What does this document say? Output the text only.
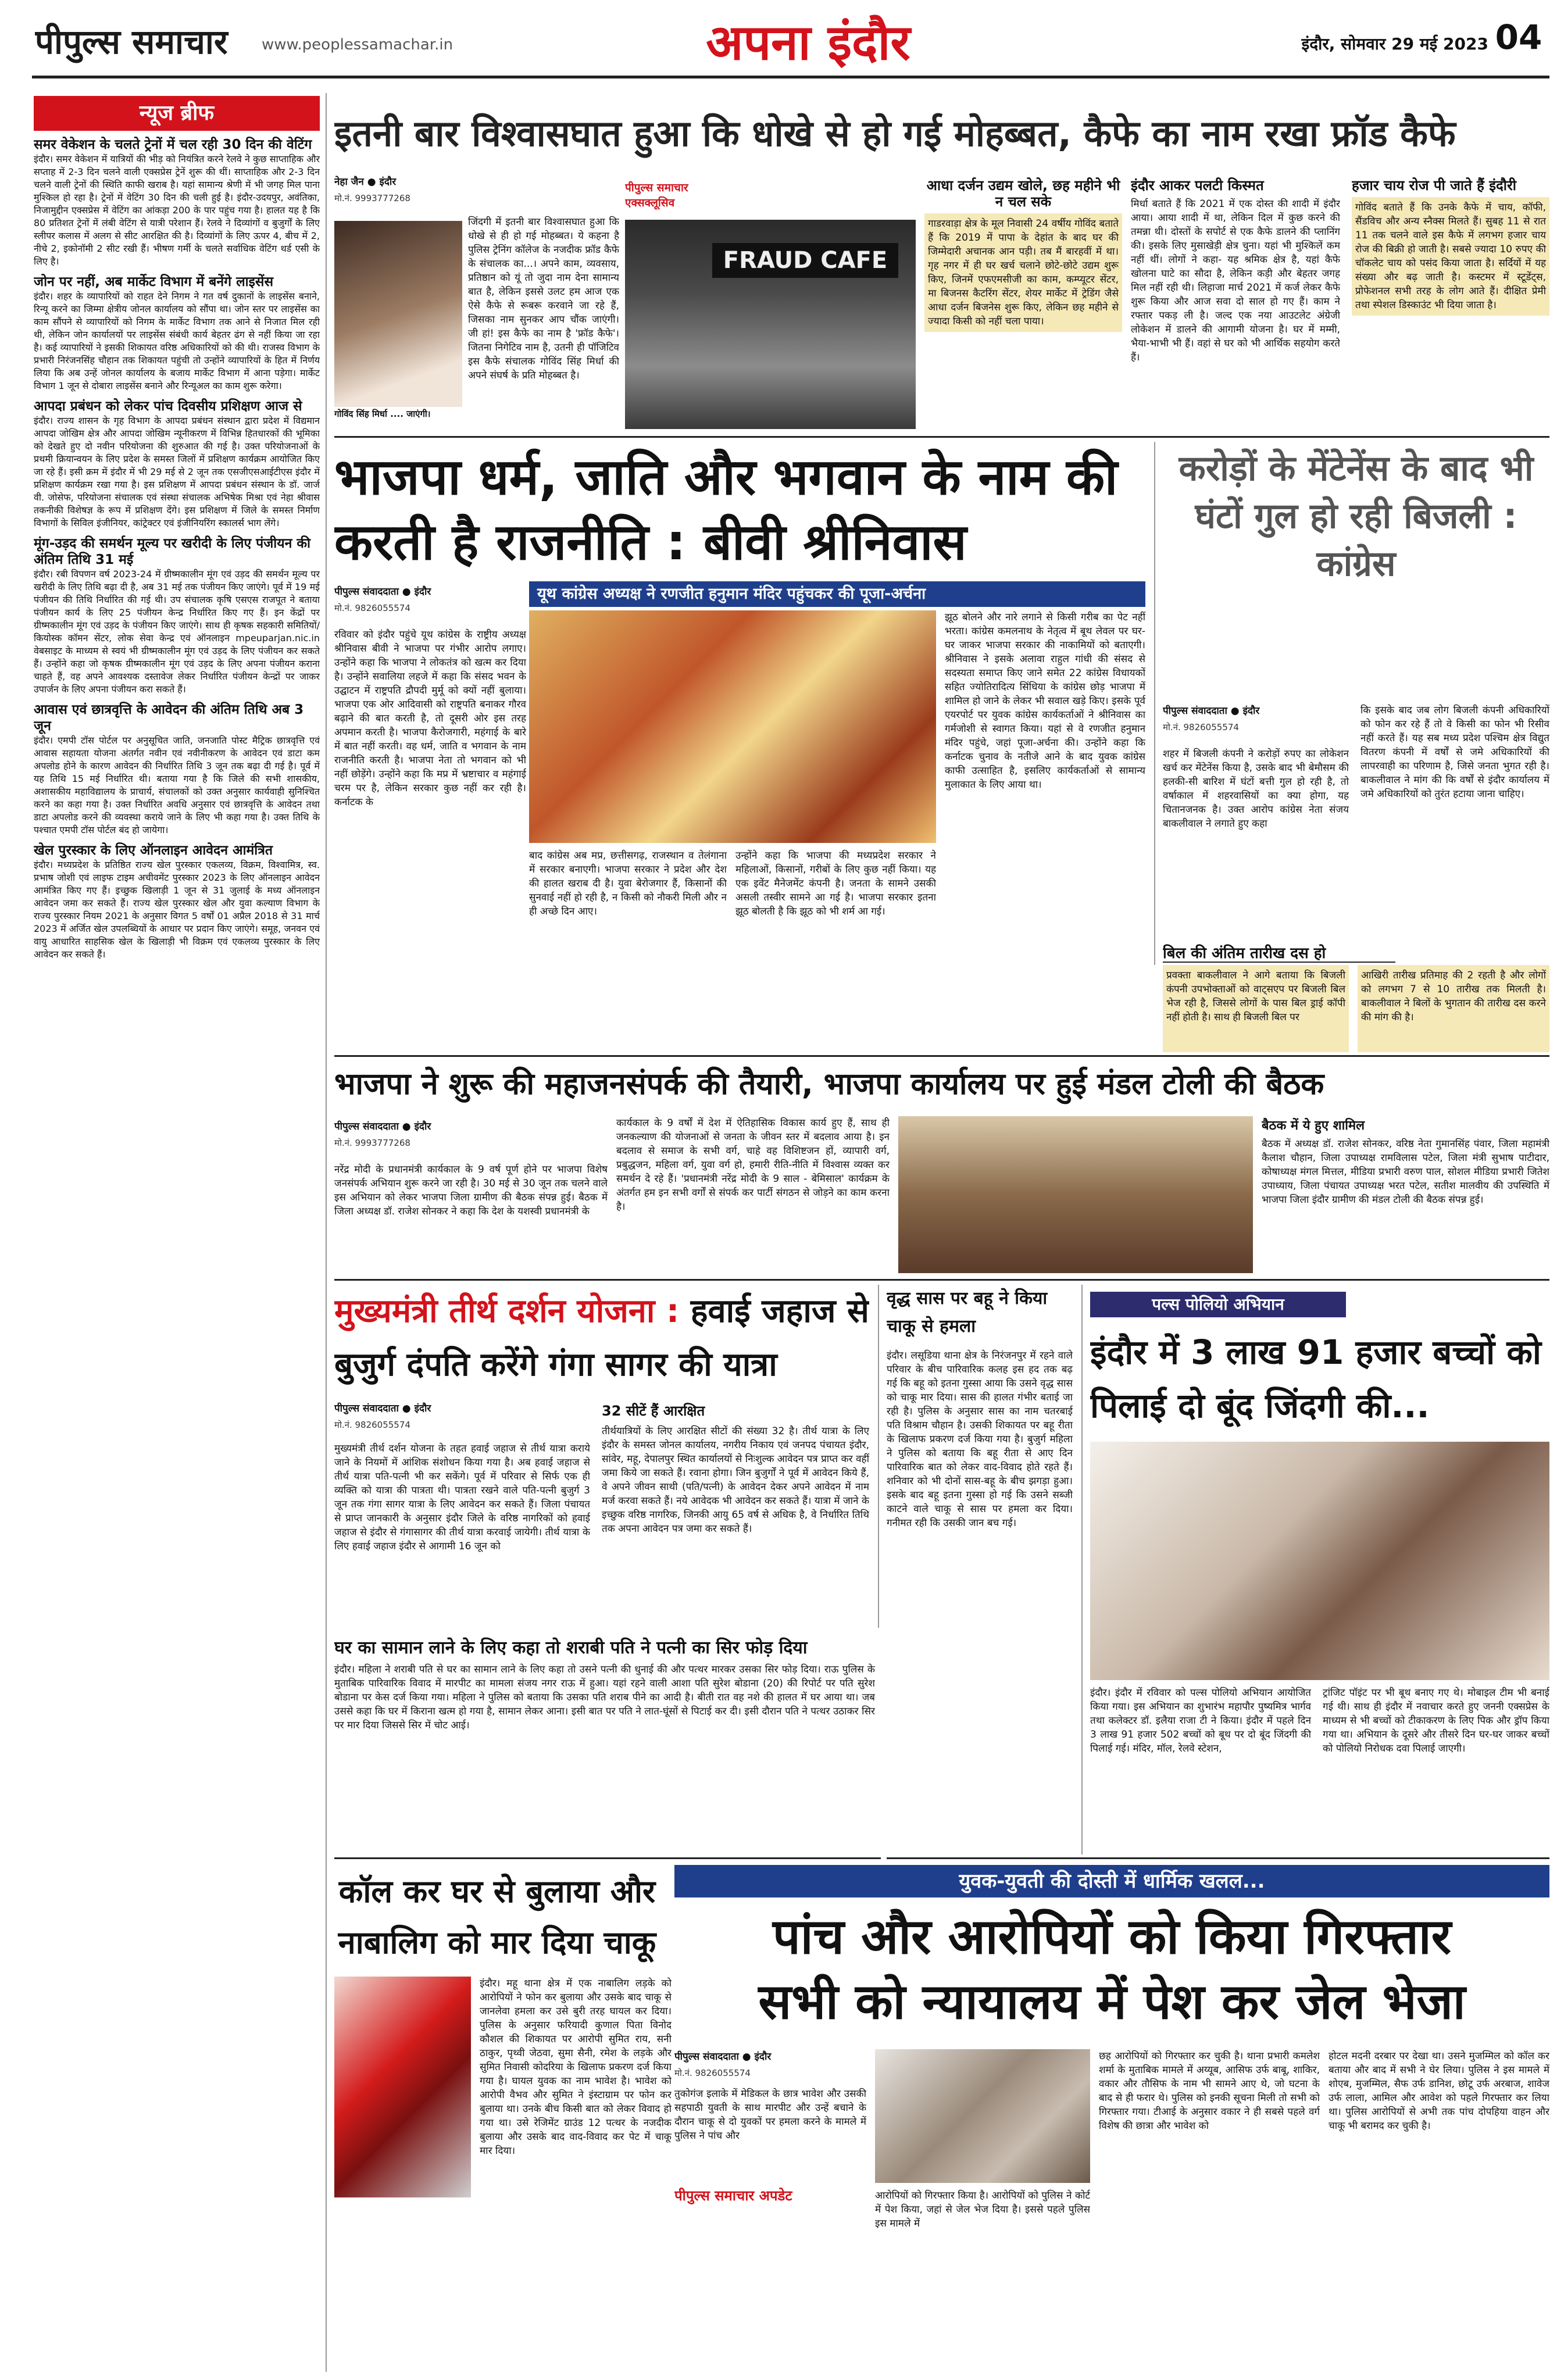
पीपुल्स समाचार	www.peoplessamachar.in	अपना इंदौर	इंदौर, सोमवार 29 मई 2023 04
न्यूज ब्रीफ
समर वेकेशन के चलते ट्रेनों में चल रही 30 दिन की वेटिंग
इंदौर। समर वेकेशन में यात्रियों की भीड़ को नियंत्रित करने रेलवे ने कुछ साप्ताहिक और सप्ताह में 2-3 दिन चलने वाली एक्सप्रेस ट्रेनें शुरू की थीं। साप्ताहिक और 2-3 दिन चलने वाली ट्रेनों की स्थिति काफी खराब है। यहां सामान्य श्रेणी में भी जगह मिल पाना मुश्किल हो रहा है। ट्रेनों में वेटिंग 30 दिन की चली हुई है। इंदौर-उदयपुर, अवंतिका, निजामुद्दीन एक्सप्रेस में वेटिंग का आंकड़ा 200 के पार पहुंच गया है। हालत यह है कि 80 प्रतिशत ट्रेनों में लंबी वेटिंग से यात्री परेशान हैं। रेलवे ने दिव्यांगों व बुजुर्गों के लिए स्लीपर कलास में अलग से सीट आरक्षित की है। दिव्यांगों के लिए ऊपर 4, बीच में 2, नीचे 2, इकोनॉमी 2 सीट रखी हैं। भीषण गर्मी के चलते सर्वाधिक वेटिंग थर्ड एसी के लिए है।
जोन पर नहीं, अब मार्केट विभाग में बनेंगे लाइसेंस
इंदौर। शहर के व्यापारियों को राहत देने निगम ने गत वर्ष दुकानों के लाइसेंस बनाने, रिन्यू करने का जिम्मा क्षेत्रीय जोनल कार्यालय को सौंपा था। जोन स्तर पर लाइसेंस का काम सौंपने से व्यापारियों को निगम के मार्केट विभाग तक आने से निजात मिल रही थी, लेकिन जोन कार्यालयों पर लाइसेंस संबंधी कार्य बेहतर ढंग से नहीं किया जा रहा है। कई व्यापारियों ने इसकी शिकायत वरिष्ठ अधिकारियों को की थी। राजस्व विभाग के प्रभारी निरंजनसिंह चौहान तक शिकायत पहुंची तो उन्होंने व्यापारियों के हित में निर्णय लिया कि अब उन्हें जोनल कार्यालय के बजाय मार्केट विभाग में आना पड़ेगा। मार्केट विभाग 1 जून से दोबारा लाइसेंस बनाने और रिन्यूअल का काम शुरू करेगा।
आपदा प्रबंधन को लेकर पांच दिवसीय प्रशिक्षण आज से
इंदौर। राज्य शासन के गृह विभाग के आपदा प्रबंधन संस्थान द्वारा प्रदेश में विद्यमान आपदा जोखिम क्षेत्र और आपदा जोखिम न्यूनीकरण में विभिन्न हितधारकों की भूमिका को देखते हुए दो नवीन परियोजना की शुरुआत की गई है। उक्त परियोजनाओं के प्रथमी क्रियान्वयन के लिए प्रदेश के समस्त जिलों में प्रशिक्षण कार्यक्रम आयोजित किए जा रहे हैं। इसी क्रम में इंदौर में भी 29 मई से 2 जून तक एसजीएसआईटीएस इंदौर में प्रशिक्षण कार्यक्रम रखा गया है। इस प्रशिक्षण में आपदा प्रबंधन संस्थान के डॉ. जार्ज वी. जोसेफ, परियोजना संचालक एवं संस्था संचालक अभिषेक मिश्रा एवं नेहा श्रीवास तकनीकी विशेषज्ञ के रूप में प्रशिक्षण देंगे। इस प्रशिक्षण में जिले के समस्त निर्माण विभागों के सिविल इंजीनियर, कांट्रेक्टर एवं इंजीनियरिंग स्कालर्स भाग लेंगे।
मूंग-उड़द की समर्थन मूल्य पर खरीदी के लिए पंजीयन की अंतिम तिथि 31 मई
इंदौर। रबी विपणन वर्ष 2023-24 में ग्रीष्मकालीन मूंग एवं उड़द की समर्थन मूल्य पर खरीदी के लिए तिथि बढ़ा दी है, अब 31 मई तक पंजीयन किए जाएंगे। पूर्व में 19 मई पंजीयन की तिथि निर्धारित की गई थी। उप संचालक कृषि एसएस राजपूत ने बताया पंजीयन कार्य के लिए 25 पंजीयन केन्द्र निर्धारित किए गए हैं। इन केंद्रों पर ग्रीष्मकालीन मूंग एवं उड़द के पंजीयन किए जाएंगे। साथ ही कृषक सहकारी समितियों/कियोस्क कॉमन सेंटर, लोक सेवा केन्द्र एवं ऑनलाइन mpeuparjan.nic.in वेबसाइट के माध्यम से स्वयं भी ग्रीष्मकालीन मूंग एवं उड़द के लिए पंजीयन कर सकते हैं। उन्होंने कहा जो कृषक ग्रीष्मकालीन मूंग एवं उड़द के लिए अपना पंजीयन कराना चाहते हैं, वह अपने आवश्यक दस्तावेज लेकर निर्धारित पंजीयन केन्द्रों पर जाकर उपार्जन के लिए अपना पंजीयन करा सकते हैं।
आवास एवं छात्रवृत्ति के आवेदन की अंतिम तिथि अब 3 जून
इंदौर। एमपी टॉस पोर्टल पर अनुसूचित जाति, जनजाति पोस्ट मैट्रिक छात्रवृत्ति एवं आवास सहायता योजना अंतर्गत नवीन एवं नवीनीकरण के आवेदन एवं डाटा कम अपलोड होने के कारण आवेदन की निर्धारित तिथि 3 जून तक बढ़ा दी गई है। पूर्व में यह तिथि 15 मई निर्धारित थी। बताया गया है कि जिले की सभी शासकीय, अशासकीय महाविद्यालय के प्राचार्य, संचालकों को उक्त अनुसार कार्यवाही सुनिश्चित करने का कहा गया है। उक्त निर्धारित अवधि अनुसार एवं छात्रवृत्ति के आवेदन तथा डाटा अपलोड करने की व्यवस्था कराये जाने के लिए भी कहा गया है। उक्त तिथि के पश्चात एमपी टॉस पोर्टल बंद हो जायेगा।
खेल पुरस्कार के लिए ऑनलाइन आवेदन आमंत्रित
इंदौर। मध्यप्रदेश के प्रतिष्ठित राज्य खेल पुरस्कार एकलव्य, विक्रम, विश्वामित्र, स्व. प्रभाष जोशी एवं लाइफ टाइम अचीवमेंट पुरस्कार 2023 के लिए ऑनलाइन आवेदन आमंत्रित किए गए हैं। इच्छुक खिलाड़ी 1 जून से 31 जुलाई के मध्य ऑनलाइन आवेदन जमा कर सकते हैं। राज्य खेल पुरस्कार खेल और युवा कल्याण विभाग के राज्य पुरस्कार नियम 2021 के अनुसार विगत 5 वर्षों 01 अप्रैल 2018 से 31 मार्च 2023 में अर्जित खेल उपलब्धियों के आधार पर प्रदान किए जाएंगे। समूह, जनवन एवं वायु आधारित साहसिक खेल के खिलाड़ी भी विक्रम एवं एकलव्य पुरस्कार के लिए आवेदन कर सकते हैं।
इतनी बार विश्वासघात हुआ कि धोखे से हो गई मोहब्बत, कैफे का नाम रखा फ्रॉड कैफे
नेहा जैन ● इंदौर
मो.नं. 9993777268
गोविंद सिंह मिर्धा .... जाएंगी।
जिंदगी में इतनी बार विश्वासघात हुआ कि धोखे से ही हो गई मोहब्बत। ये कहना है पुलिस ट्रेनिंग कॉलेज के नजदीक फ्रॉड कैफे के संचालक का...। अपने काम, व्यवसाय, प्रतिष्ठान को यूं तो जुदा नाम देना सामान्य बात है, लेकिन इससे उलट हम आज एक ऐसे कैफे से रूबरू करवाने जा रहे हैं, जिसका नाम सुनकर आप चौंक जाएंगी। जी हां! इस कैफे का नाम है 'फ्रॉड कैफे'। जितना निगेटिव नाम है, उतनी ही पॉजिटिव इस कैफे संचालक गोविंद सिंह मिर्धा की अपने संघर्ष के प्रति मोहब्बत है।
पीपुल्स समाचार एक्सक्लूसिव
FRAUD CAFE
आधा दर्जन उद्यम खोले, छह महीने भी न चल सके
गाडरवाड़ा क्षेत्र के मूल निवासी 24 वर्षीय गोविंद बताते हैं कि 2019 में पापा के देहांत के बाद घर की जिम्मेदारी अचानक आन पड़ी। तब मैं बारहवीं में था। गृह नगर में ही घर खर्च चलाने छोटे-छोटे उद्यम शुरू किए, जिनमें एफएमसीजी का काम, कम्प्यूटर सेंटर, मा बिजनस कैटरिंग सेंटर, शेयर मार्केट में ट्रेडिंग जैसे आधा दर्जन बिजनेस शुरू किए, लेकिन छह महीने से ज्यादा किसी को नहीं चला पाया।
इंदौर आकर पलटी किस्मत
मिर्धा बताते हैं कि 2021 में एक दोस्त की शादी में इंदौर आया। आया शादी में था, लेकिन दिल में कुछ करने की तमन्ना थी। दोस्तों के सपोर्ट से एक कैफे डालने की प्लानिंग की। इसके लिए मुसाखेड़ी क्षेत्र चुना। यहां भी मुश्किलें कम नहीं थीं। लोगों ने कहा- यह श्रमिक क्षेत्र है, यहां कैफे खोलना घाटे का सौदा है, लेकिन कड़ी और बेहतर जगह मिल नहीं रही थी। लिहाजा मार्च 2021 में कर्ज लेकर कैफे शुरू किया और आज सवा दो साल हो गए हैं। काम ने रफ्तार पकड़ ली है। जल्द एक नया आउटलेट अंग्रेजी लोकेशन में डालने की आगामी योजना है। घर में मम्मी, भैया-भाभी भी हैं। वहां से घर को भी आर्थिक सहयोग करते हैं।
हजार चाय रोज पी जाते हैं इंदौरी
गोविंद बताते हैं कि उनके कैफे में चाय, कॉफी, सैंडविच और अन्य स्नैक्स मिलते हैं। सुबह 11 से रात 11 तक चलने वाले इस कैफे में लगभग हजार चाय रोज की बिक्री हो जाती है। सबसे ज्यादा 10 रुपए की चॉकलेट चाय को पसंद किया जाता है। सर्दियों में यह संख्या और बढ़ जाती है। कस्टमर में स्टूडेंट्स, प्रोफेशनल सभी तरह के लोग आते हैं। दीक्षित प्रेमी तथा स्पेशल डिस्काउंट भी दिया जाता है।
भाजपा धर्म, जाति और भगवान के नाम की करती है राजनीति : बीवी श्रीनिवास
पीपुल्स संवाददाता ● इंदौर
मो.नं. 9826055574
यूथ कांग्रेस अध्यक्ष ने रणजीत हनुमान मंदिर पहुंचकर की पूजा-अर्चना
रविवार को इंदौर पहुंचे यूथ कांग्रेस के राष्ट्रीय अध्यक्ष श्रीनिवास बीवी ने भाजपा पर गंभीर आरोप लगाए। उन्होंने कहा कि भाजपा ने लोकतंत्र को खत्म कर दिया है। उन्होंने सवालिया लहजे में कहा कि संसद भवन के उद्घाटन में राष्ट्रपति द्रौपदी मुर्मू को क्यों नहीं बुलाया। भाजपा एक ओर आदिवासी को राष्ट्रपति बनाकर गौरव बढ़ाने की बात करती है, तो दूसरी ओर इस तरह अपमान करती है। भाजपा कैरोजगारी, महंगाई के बारे में बात नहीं करती। वह धर्म, जाति व भगवान के नाम राजनीति करती है। भाजपा नेता तो भगवान को भी नहीं छोड़ेंगे। उन्होंने कहा कि मप्र में भ्रष्टाचार व महंगाई चरम पर है, लेकिन सरकार कुछ नहीं कर रही है। कर्नाटक के
बाद कांग्रेस अब मप्र, छत्तीसगढ़, राजस्थान व तेलंगाना में सरकार बनाएगी। भाजपा सरकार ने प्रदेश और देश की हालत खराब दी है। युवा बेरोजगार हैं, किसानों की सुनवाई नहीं हो रही है, न किसी को नौकरी मिली और न ही अच्छे दिन आए।
उन्होंने कहा कि भाजपा की मध्यप्रदेश सरकार ने महिलाओं, किसानों, गरीबों के लिए कुछ नहीं किया। यह एक इवेंट मैनेजमेंट कंपनी है। जनता के सामने उसकी असली तस्वीर सामने आ गई है। भाजपा सरकार इतना झूठ बोलती है कि झूठ को भी शर्म आ गई।
झूठ बोलने और नारे लगाने से किसी गरीब का पेट नहीं भरता। कांग्रेस कमलनाथ के नेतृत्व में बूथ लेवल पर घर-घर जाकर भाजपा सरकार की नाकामियों को बताएगी। श्रीनिवास ने इसके अलावा राहुल गांधी की संसद से सदस्यता समाप्त किए जाने समेत 22 कांग्रेस विधायकों सहित ज्योतिरादित्य सिंधिया के कांग्रेस छोड़ भाजपा में शामिल हो जाने के लेकर भी सवाल खड़े किए। इसके पूर्व एयरपोर्ट पर युवक कांग्रेस कार्यकर्ताओं ने श्रीनिवास का गर्मजोशी से स्वागत किया। यहां से वे रणजीत हनुमान मंदिर पहुंचे, जहां पूजा-अर्चना की। उन्होंने कहा कि कर्नाटक चुनाव के नतीजे आने के बाद युवक कांग्रेस काफी उत्साहित है, इसलिए कार्यकर्ताओं से सामान्य मुलाकात के लिए आया था।
करोड़ों के मेंटेनेंस के बाद भी घंटों गुल हो रही बिजली : कांग्रेस
पीपुल्स संवाददाता ● इंदौर
मो.नं. 9826055574
शहर में बिजली कंपनी ने करोड़ों रुपए का लोकेशन खर्च कर मेंटेनेंस किया है, उसके बाद भी बेमौसम की हलकी-सी बारिश में घंटों बत्ती गुल हो रही है, तो वर्षाकाल में शहरवासियों का क्या होगा, यह चितानजनक है। उक्त आरोप कांग्रेस नेता संजय बाकलीवाल ने लगाते हुए कहा
कि इसके बाद जब लोग बिजली कंपनी अधिकारियों को फोन कर रहे हैं तो वे किसी का फोन भी रिसीव नहीं करते हैं। यह सब मध्य प्रदेश पश्चिम क्षेत्र विद्युत वितरण कंपनी में वर्षों से जमे अधिकारियों की लापरवाही का परिणाम है, जिसे जनता भुगत रही है। बाकलीवाल ने मांग की कि वर्षों से इंदौर कार्यालय में जमे अधिकारियों को तुरंत हटाया जाना चाहिए।
बिल की अंतिम तारीख दस हो
प्रवक्ता बाकलीवाल ने आगे बताया कि बिजली कंपनी उपभोक्ताओं को वाट्सएप पर बिजली बिल भेज रही है, जिससे लोगों के पास बिल ड्राई कॉपी नहीं होती है। साथ ही बिजली बिल पर
आखिरी तारीख प्रतिमाह की 2 रहती है और लोगों को लगभग 7 से 10 तारीख तक मिलती है। बाकलीवाल ने बिलों के भुगतान की तारीख दस करने की मांग की है।
भाजपा ने शुरू की महाजनसंपर्क की तैयारी, भाजपा कार्यालय पर हुई मंडल टोली की बैठक
पीपुल्स संवाददाता ● इंदौर
मो.नं. 9993777268
नरेंद्र मोदी के प्रधानमंत्री कार्यकाल के 9 वर्ष पूर्ण होने पर भाजपा विशेष जनसंपर्क अभियान शुरू करने जा रही है। 30 मई से 30 जून तक चलने वाले इस अभियान को लेकर भाजपा जिला ग्रामीण की बैठक संपन्न हुई। बैठक में जिला अध्यक्ष डॉ. राजेश सोनकर ने कहा कि देश के यशस्वी प्रधानमंत्री के
कार्यकाल के 9 वर्षों में देश में ऐतिहासिक विकास कार्य हुए हैं, साथ ही जनकल्याण की योजनाओं से जनता के जीवन स्तर में बदलाव आया है। इन बदलाव से समाज के सभी वर्ग, चाहे वह विशिष्टजन हों, व्यापारी वर्ग, प्रबुद्धजन, महिला वर्ग, युवा वर्ग हो, हमारी रीति-नीति में विश्वास व्यक्त कर समर्थन दे रहे हैं। 'प्रधानमंत्री नरेंद्र मोदी के 9 साल - बेमिसाल' कार्यक्रम के अंतर्गत हम इन सभी वर्गों से संपर्क कर पार्टी संगठन से जोड़ने का काम करना है।
बैठक में ये हुए शामिल
बैठक में अध्यक्ष डॉ. राजेश सोनकर, वरिष्ठ नेता गुमानसिंह पंवार, जिला महामंत्री कैलाश चौहान, जिला उपाध्यक्ष रामविलास पटेल, जिला मंत्री सुभाष पाटीदार, कोषाध्यक्ष मंगल मित्तल, मीडिया प्रभारी वरुण पाल, सोशल मीडिया प्रभारी जितेश उपाध्याय, जिला पंचायत उपाध्यक्ष भरत पटेल, सतीश मालवीय की उपस्थिति में भाजपा जिला इंदौर ग्रामीण की मंडल टोली की बैठक संपन्न हुई।
मुख्यमंत्री तीर्थ दर्शन योजना : हवाई जहाज से बुजुर्ग दंपति करेंगे गंगा सागर की यात्रा
पीपुल्स संवाददाता ● इंदौर
मो.नं. 9826055574
32 सीटें हैं आरक्षित
मुख्यमंत्री तीर्थ दर्शन योजना के तहत हवाई जहाज से तीर्थ यात्रा कराये जाने के नियमों में आंशिक संशोधन किया गया है। अब हवाई जहाज से तीर्थ यात्रा पति-पत्नी भी कर सकेंगे। पूर्व में परिवार से सिर्फ एक ही व्यक्ति को यात्रा की पात्रता थी। पात्रता रखने वाले पति-पत्नी बुजुर्ग 3 जून तक गंगा सागर यात्रा के लिए आवेदन कर सकते हैं। जिला पंचायत से प्राप्त जानकारी के अनुसार इंदौर जिले के वरिष्ठ नागरिकों को हवाई जहाज से इंदौर से गंगासागर की तीर्थ यात्रा करवाई जायेगी। तीर्थ यात्रा के लिए हवाई जहाज इंदौर से आगामी 16 जून को
तीर्थयात्रियों के लिए आरक्षित सीटों की संख्या 32 है। तीर्थ यात्रा के लिए इंदौर के समस्त जोनल कार्यालय, नगरीय निकाय एवं जनपद पंचायत इंदौर, सांवेर, महू, देपालपुर स्थित कार्यालयों से निःशुल्क आवेदन पत्र प्राप्त कर वहीं जमा किये जा सकते हैं। रवाना होगा। जिन बुजुर्गों ने पूर्व में आवेदन किये हैं, वे अपने जीवन साथी (पति/पत्नी) के आवेदन देकर अपने आवेदन में नाम मर्ज करवा सकते हैं। नये आवेदक भी आवेदन कर सकते हैं। यात्रा में जाने के इच्छुक वरिष्ठ नागरिक, जिनकी आयु 65 वर्ष से अधिक है, वे निर्धारित तिथि तक अपना आवेदन पत्र जमा कर सकते हैं।
वृद्ध सास पर बहू ने किया चाकू से हमला
इंदौर। लसूडिया थाना क्षेत्र के निरंजनपुर में रहने वाले परिवार के बीच पारिवारिक कलह इस हद तक बढ़ गई कि बहू को इतना गुस्सा आया कि उसने वृद्ध सास को चाकू मार दिया। सास की हालत गंभीर बताई जा रही है। पुलिस के अनुसार सास का नाम चतरबाई पति विश्राम चौहान है। उसकी शिकायत पर बहू रीता के खिलाफ प्रकरण दर्ज किया गया है। बुजुर्ग महिला ने पुलिस को बताया कि बहू रीता से आए दिन पारिवारिक बात को लेकर वाद-विवाद होते रहते हैं। शनिवार को भी दोनों सास-बहू के बीच झगड़ा हुआ। इसके बाद बहू इतना गुस्सा हो गई कि उसने सब्जी काटने वाले चाकू से सास पर हमला कर दिया। गनीमत रही कि उसकी जान बच गई।
घर का सामान लाने के लिए कहा तो शराबी पति ने पत्नी का सिर फोड़ दिया
इंदौर। महिला ने शराबी पति से घर का सामान लाने के लिए कहा तो उसने पत्नी की धुनाई की और पत्थर मारकर उसका सिर फोड़ दिया। राऊ पुलिस के मुताबिक पारिवारिक विवाद में मारपीट का मामला संजय नगर राऊ में हुआ। यहां रहने वाली आशा पति सुरेश बोडाना (20) की रिपोर्ट पर पति सुरेश बोडाना पर केस दर्ज किया गया। महिला ने पुलिस को बताया कि उसका पति शराब पीने का आदी है। बीती रात वह नशे की हालत में घर आया था। जब उससे कहा कि घर में किराना खत्म हो गया है, सामान लेकर आना। इसी बात पर पति ने लात-घूंसों से पिटाई कर दी। इसी दौरान पति ने पत्थर उठाकर सिर पर मार दिया जिससे सिर में चोट आई।
पल्स पोलियो अभियान
इंदौर में 3 लाख 91 हजार बच्चों को पिलाई दो बूंद जिंदगी की...
इंदौर। इंदौर में रविवार को पल्स पोलियो अभियान आयोजित किया गया। इस अभियान का शुभारंभ महापौर पुष्यमित्र भार्गव तथा कलेक्टर डॉ. इलैया राजा टी ने किया। इंदौर में पहले दिन 3 लाख 91 हजार 502 बच्चों को बूथ पर दो बूंद जिंदगी की पिलाई गई। मंदिर, मॉल, रेलवे स्टेशन,
ट्रांजिट पॉइंट पर भी बूथ बनाए गए थे। मोबाइल टीम भी बनाई गई थी। साथ ही इंदौर में नवाचार करते हुए जननी एक्सप्रेस के माध्यम से भी बच्चों को टीकाकरण के लिए पिक और ड्रॉप किया गया था। अभियान के दूसरे और तीसरे दिन घर-घर जाकर बच्चों को पोलियो निरोधक दवा पिलाई जाएगी।
कॉल कर घर से बुलाया और नाबालिग को मार दिया चाकू
इंदौर। महू थाना क्षेत्र में एक नाबालिग लड़के को आरोपियों ने फोन कर बुलाया और उसके बाद चाकू से जानलेवा हमला कर उसे बुरी तरह घायल कर दिया। पुलिस के अनुसार फरियादी कुणाल पिता विनोद कौशल की शिकायत पर आरोपी सुमित राय, सनी ठाकुर, पृथ्वी जेठवा, सुमा सैनी, रमेश के लड़के और सुमित निवासी कोदरिया के खिलाफ प्रकरण दर्ज किया गया है। घायल युवक का नाम भावेश है। भावेश को आरोपी वैभव और सुमित ने इंस्टाग्राम पर फोन कर बुलाया था। उनके बीच किसी बात को लेकर विवाद हो गया था। उसे रेजिमेंट ग्राउंड 12 पत्थर के नजदीक बुलाया और उसके बाद वाद-विवाद कर पेट में चाकू मार दिया।
युवक-युवती की दोस्ती में धार्मिक खलल...
पांच और आरोपियों को किया गिरफ्तार
सभी को न्यायालय में पेश कर जेल भेजा
पीपुल्स संवाददाता ● इंदौर
मो.नं. 9826055574
तुकोगंज इलाके में मेडिकल के छात्र भावेश और उसकी सहपाठी युवती के साथ मारपीट और उन्हें बचाने के दौरान चाकू से दो युवकों पर हमला करने के मामले में पुलिस ने पांच और
पीपुल्स समाचार अपडेट	आरोपियों को गिरफ्तार किया है। आरोपियों को पुलिस ने कोर्ट में पेश किया, जहां से जेल भेज दिया है। इससे पहले पुलिस इस मामले में
छह आरोपियों को गिरफ्तार कर चुकी है। थाना प्रभारी कमलेश शर्मा के मुताबिक मामले में अय्यूब, आसिफ उर्फ बाबू, शाकिर, वकार और तौसिफ के नाम भी सामने आए थे, जो घटना के बाद से ही फरार थे। पुलिस को इनकी सूचना मिली तो सभी को गिरफ्तार गया। टीआई के अनुसार वकार ने ही सबसे पहले वर्ग विशेष की छात्रा और भावेश को
होटल मदनी दरबार पर देखा था। उसने मुजम्मिल को कॉल कर बताया और बाद में सभी ने घेर लिया। पुलिस ने इस मामले में शोएब, मुजम्मिल, सैफ उर्फ डानिश, छोटू उर्फ अरबाज, शावेज उर्फ लाला, आमिल और आवेश को पहले गिरफ्तार कर लिया था। पुलिस आरोपियों से अभी तक पांच दोपहिया वाहन और चाकू भी बरामद कर चुकी है।
